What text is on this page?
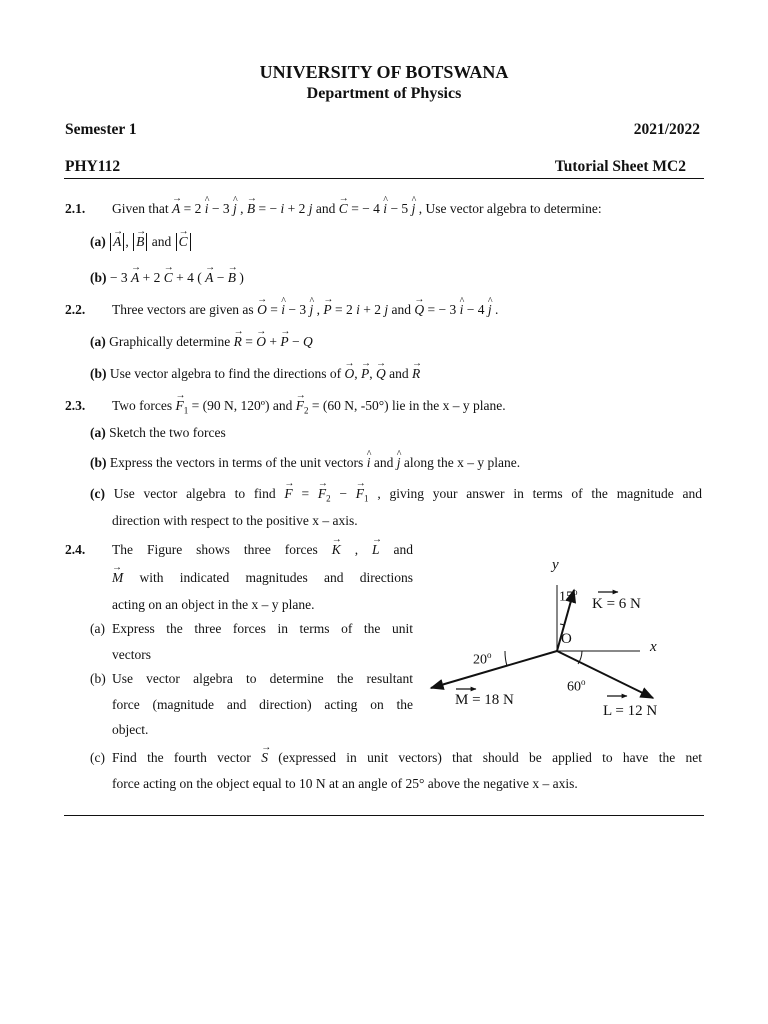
UNIVERSITY OF BOTSWANA
Department of Physics
Semester 1	2021/2022
PHY112	Tutorial Sheet MC2
2.1. Given that → A = 2 ^ i − 3 ^ j , → B = − i + 2 j and → C = − 4 ^ i − 5 ^ j , Use vector algebra to determine:
(a) → A , → B and → C
(b) − 3 → A + 2 → C + 4 ( → A − → B )
2.2. Three vectors are given as → O = ^ i − 3 ^ j , → P = 2 i + 2 j and → Q = − 3 ^ i − 4 ^ j .
(a) Graphically determine → R = → O + → P − Q
(b) Use vector algebra to find the directions of → O, → P, → Q and → R
2.3. Two forces → $F_1 = (90$ N, 120º) and → $F_2 = (60$ N, -50°) lie in the x – y plane.
(a) Sketch the two forces
(b) Express the vectors in terms of the unit vectors ^ i and ^ j along the x – y plane.
(c) Use vector algebra to find → F = → $F_2$ − → $F_1$ , giving your answer in terms of the magnitude and
direction with respect to the positive x – axis.
2.4. The Figure shows three forces → K , → L and
→ M with indicated magnitudes and directions
acting on an object in the x – y plane.
(a) Express the three forces in terms of the unit
vectors
(b) Use vector algebra to determine the resultant
force (magnitude and direction) acting on the
object.
(c) Find the fourth vector → S (expressed in unit vectors) that should be applied to have the net
force acting on the object equal to 10 N at an angle of 25° above the negative x – axis.
y
x
O
15$^o$
20$^o$
60$^o$
K = 6 N
L = 12 N
M = 18 N
